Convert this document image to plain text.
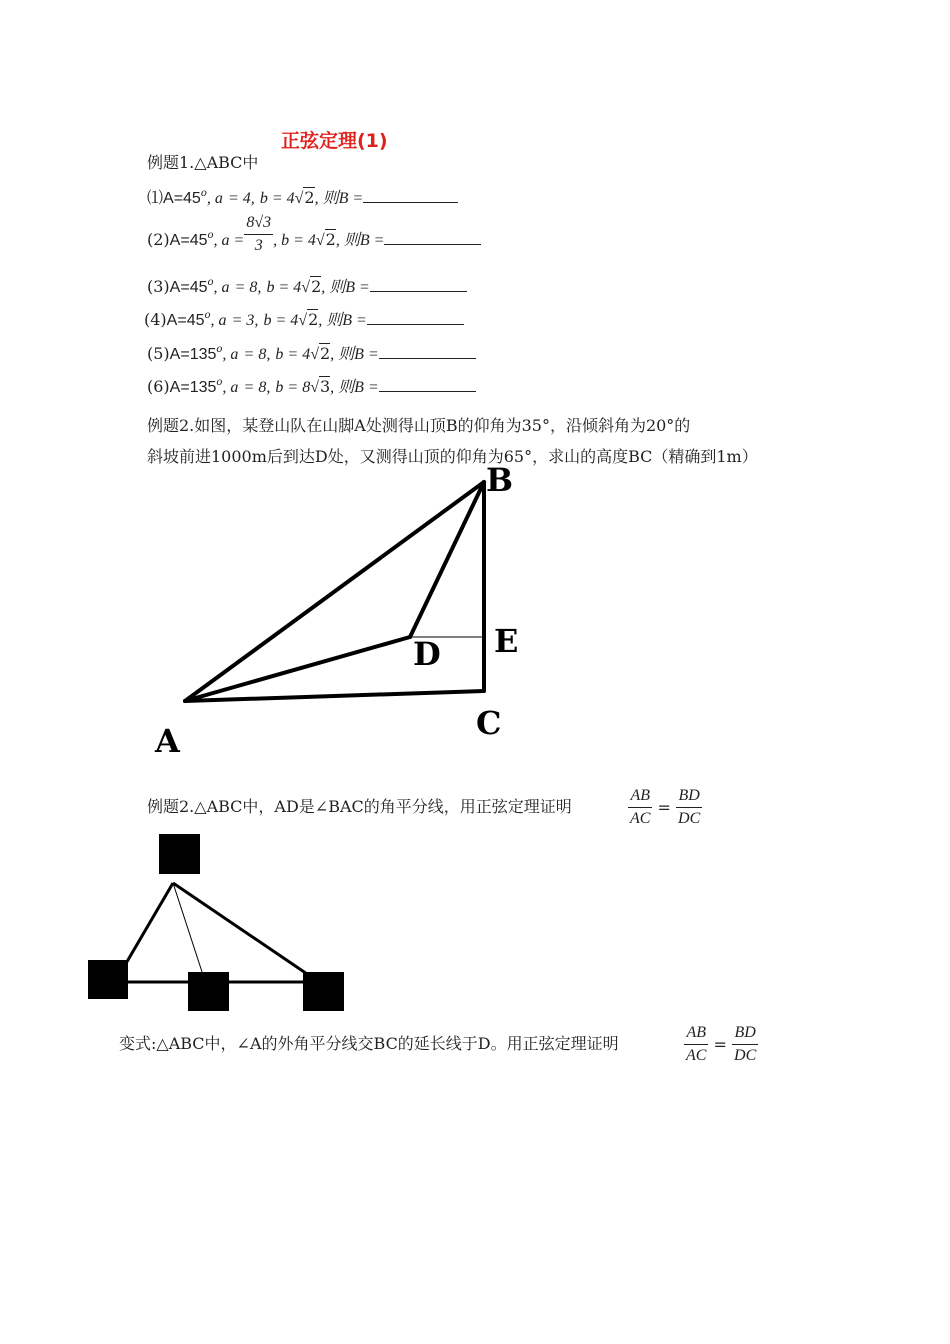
正弦定理(1)
例题1.△ABC中
$⑴A=45^o$, a = 4, b = 4√2, 则B =
$(2)A=45^o$, $a = \frac{8√3}{3}$ , b = 4√2, 则B =
$(3)A=45^o$, a = 8, b = 4√2, 则B =
$(4)A=45^o$, a = 3, b = 4√2, 则B =
$(5)A=135^o$, a = 8, b = 4√2, 则B =
$(6)A=135^o$, a = 8, b = 8√3, 则B =
例题2.如图，某登山队在山脚A处测得山顶B的仰角为35°，沿倾斜角为20°的
斜坡前进1000m后到达D处，又测得山顶的仰角为65°，求山的高度BC（精确到1m）
B
E
D
C
A
例题2.△ABC中，AD是∠BAC的角平分线，用正弦定理证明	$\frac{AB}{AC} = \frac{BD}{DC}$
变式:△ABC中，∠A的外角平分线交BC的延长线于D。用正弦定理证明	$\frac{AB}{AC} = \frac{BD}{DC}$
